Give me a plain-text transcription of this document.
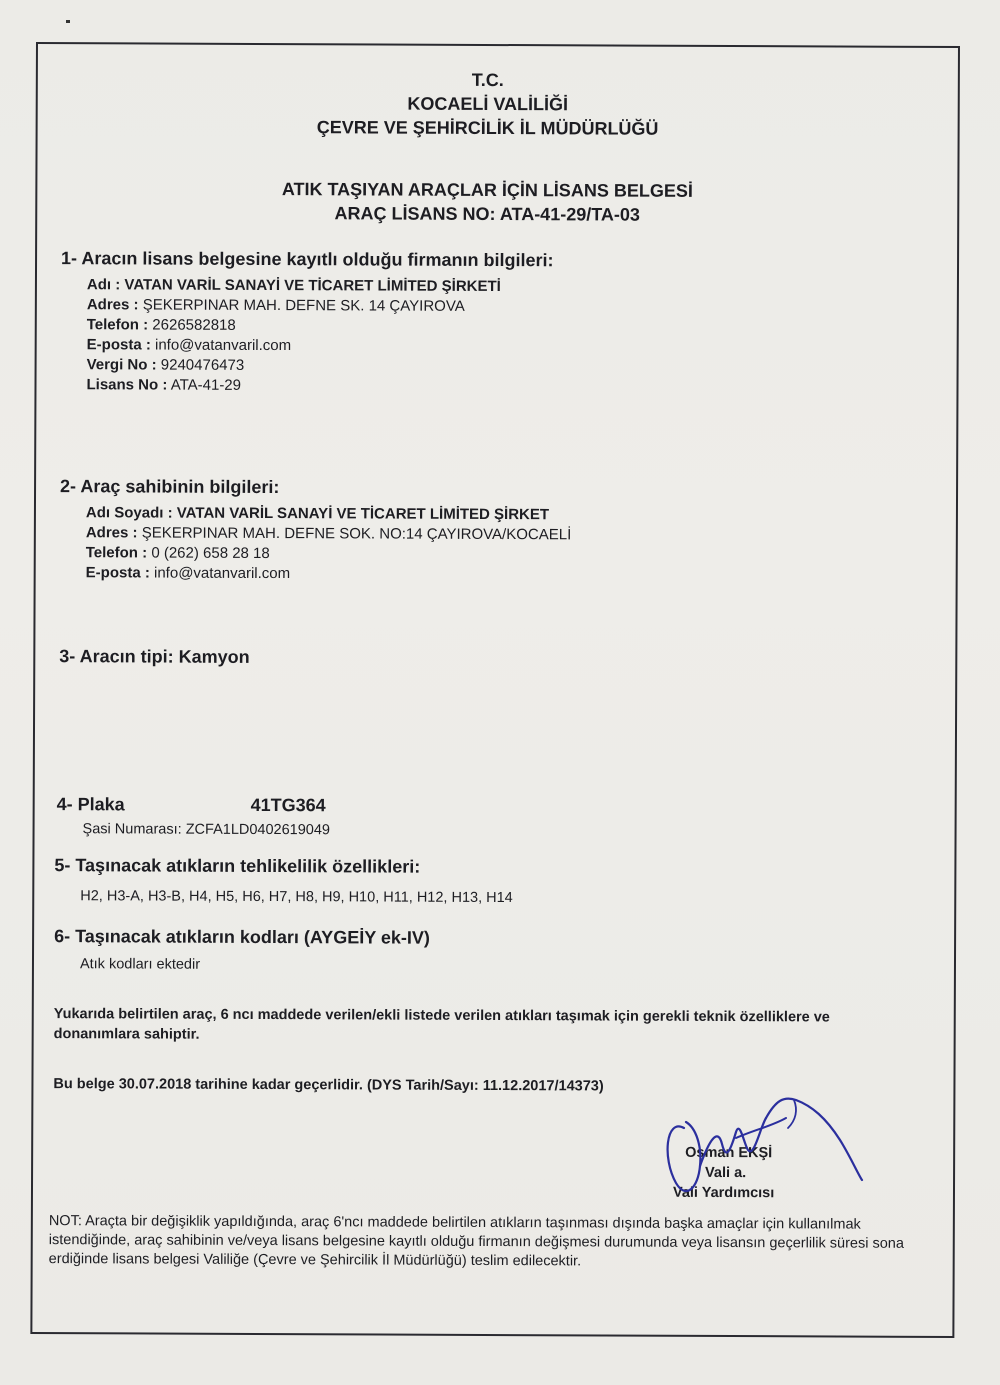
T.C.
KOCAELİ VALİLİĞİ
ÇEVRE VE ŞEHİRCİLİK İL MÜDÜRLÜĞÜ
ATIK TAŞIYAN ARAÇLAR İÇİN LİSANS BELGESİ
ARAÇ LİSANS NO: ATA-41-29/TA-03
1- Aracın lisans belgesine kayıtlı olduğu firmanın bilgileri:
Adı : VATAN VARİL SANAYİ VE TİCARET LİMİTED ŞİRKETİ
Adres : ŞEKERPINAR MAH. DEFNE SK. 14 ÇAYIROVA
Telefon : 2626582818
E-posta : info@vatanvaril.com
Vergi No : 9240476473
Lisans No : ATA-41-29
2- Araç sahibinin bilgileri:
Adı Soyadı : VATAN VARİL SANAYİ VE TİCARET LİMİTED ŞİRKET
Adres : ŞEKERPINAR MAH. DEFNE SOK. NO:14 ÇAYIROVA/KOCAELİ
Telefon : 0 (262) 658 28 18
E-posta : info@vatanvaril.com
3- Aracın tipi: Kamyon
4- Plaka	41TG364
Şasi Numarası: ZCFA1LD0402619049
5- Taşınacak atıkların tehlikelilik özellikleri:
H2, H3-A, H3-B, H4, H5, H6, H7, H8, H9, H10, H11, H12, H13, H14
6- Taşınacak atıkların kodları (AYGEİY ek-IV)
Atık kodları ektedir
Yukarıda belirtilen araç, 6 ncı maddede verilen/ekli listede verilen atıkları taşımak için gerekli teknik özelliklere ve donanımlara sahiptir.
Bu belge 30.07.2018 tarihine kadar geçerlidir. (DYS Tarih/Sayı: 11.12.2017/14373)
Osman EKŞİ
Vali a.
Vali Yardımcısı
NOT: Araçta bir değişiklik yapıldığında, araç 6'ncı maddede belirtilen atıkların taşınması dışında başka amaçlar için kullanılmak istendiğinde, araç sahibinin ve/veya lisans belgesine kayıtlı olduğu firmanın değişmesi durumunda veya lisansın geçerlilik süresi sona erdiğinde lisans belgesi Valiliğe (Çevre ve Şehircilik İl Müdürlüğü) teslim edilecektir.
